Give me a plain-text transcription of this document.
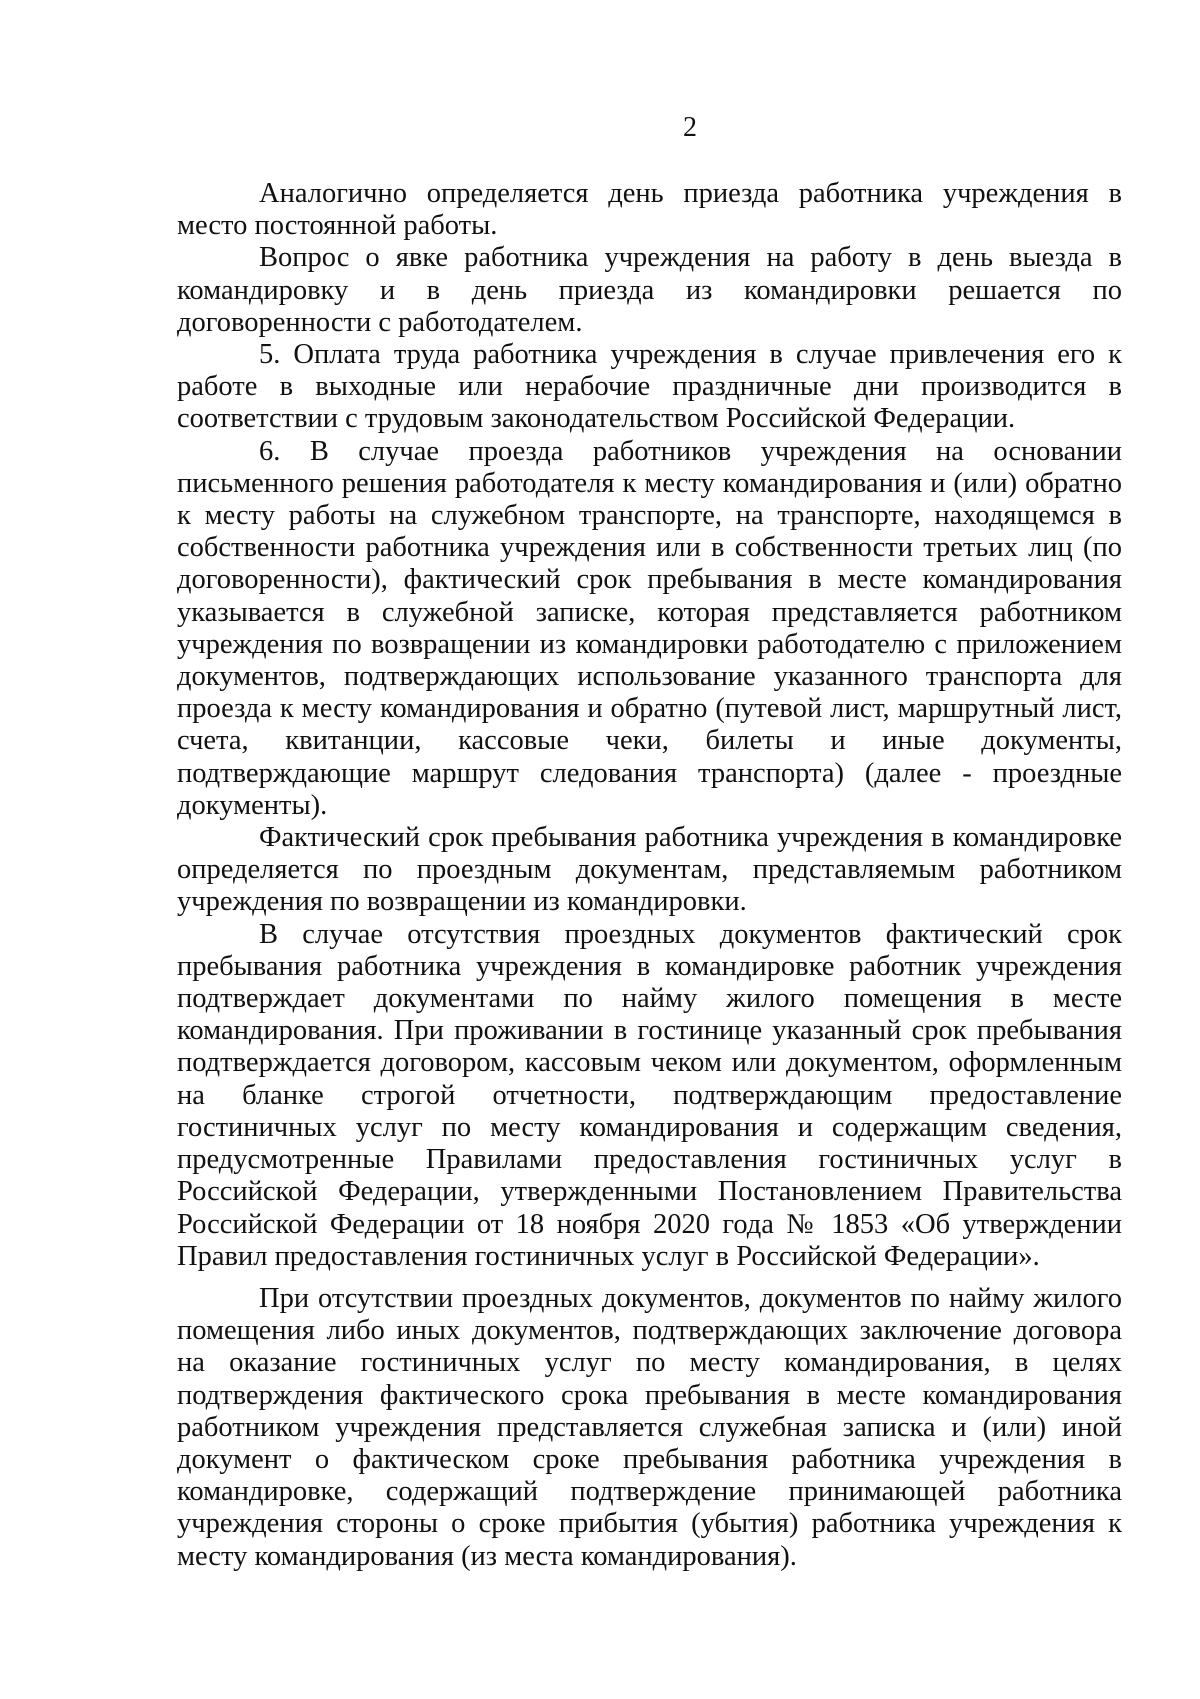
2

Аналогично определяется день приезда работника учреждения в место постоянной работы.

Вопрос о явке работника учреждения на работу в день выезда в командировку и в день приезда из командировки решается по договоренности с работодателем.

5. Оплата труда работника учреждения в случае привлечения его к работе в выходные или нерабочие праздничные дни производится в соответствии с трудовым законодательством Российской Федерации.

6. В случае проезда работников учреждения на основании письменного решения работодателя к месту командирования и (или) обратно к месту работы на служебном транспорте, на транспорте, находящемся в собственности работника учреждения или в собственности третьих лиц (по договоренности), фактический срок пребывания в месте командирования указывается в служебной записке, которая представляется работником учреждения по возвращении из командировки работодателю с приложением документов, подтверждающих использование указанного транспорта для проезда к месту командирования и обратно (путевой лист, маршрутный лист, счета, квитанции, кассовые чеки, билеты и иные документы, подтверждающие маршрут следования транспорта) (далее - проездные документы).

Фактический срок пребывания работника учреждения в командировке определяется по проездным документам, представляемым работником учреждения по возвращении из командировки.

В случае отсутствия проездных документов фактический срок пребывания работника учреждения в командировке работник учреждения подтверждает документами по найму жилого помещения в месте командирования. При проживании в гостинице указанный срок пребывания подтверждается договором, кассовым чеком или документом, оформленным на бланке строгой отчетности, подтверждающим предоставление гостиничных услуг по месту командирования и содержащим сведения, предусмотренные Правилами предоставления гостиничных услуг в Российской Федерации, утвержденными Постановлением Правительства Российской Федерации от 18 ноября 2020 года № 1853 «Об утверждении Правил предоставления гостиничных услуг в Российской Федерации».

При отсутствии проездных документов, документов по найму жилого помещения либо иных документов, подтверждающих заключение договора на оказание гостиничных услуг по месту командирования, в целях подтверждения фактического срока пребывания в месте командирования работником учреждения представляется служебная записка и (или) иной документ о фактическом сроке пребывания работника учреждения в командировке, содержащий подтверждение принимающей работника учреждения стороны о сроке прибытия (убытия) работника учреждения к месту командирования (из места командирования).
